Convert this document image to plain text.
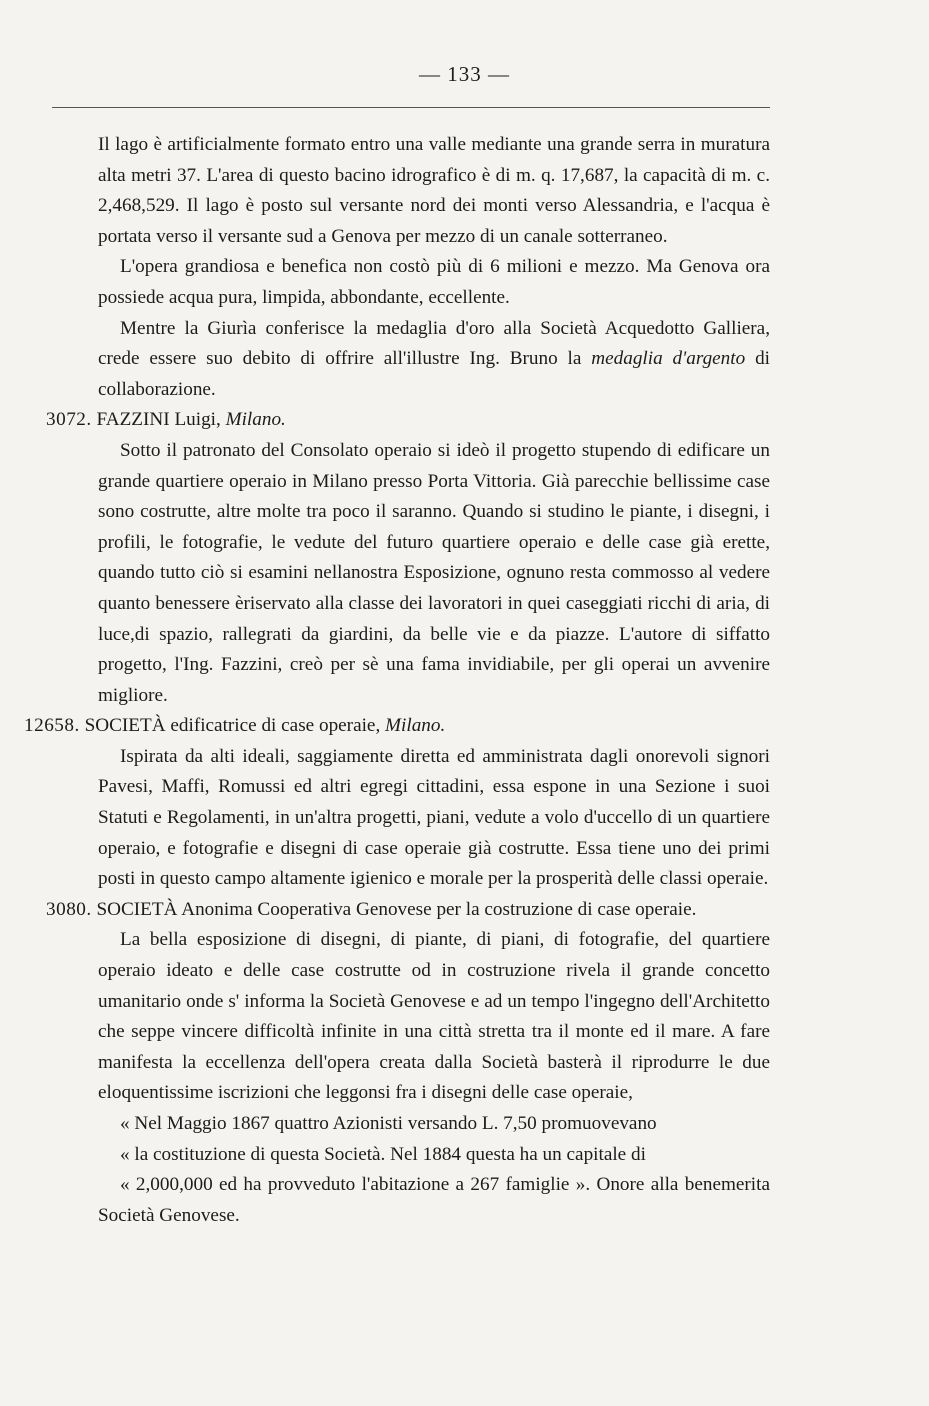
— 133 —

Il lago è artificialmente formato entro una valle mediante una grande serra in muratura alta metri 37. L'area di questo bacino idrografico è di m. q. 17,687, la capacità di m. c. 2,468,529. Il lago è posto sul versante nord dei monti verso Alessandria, e l'acqua è portata verso il versante sud a Genova per mezzo di un canale sotterraneo.

L'opera grandiosa e benefica non costò più di 6 milioni e mezzo. Ma Genova ora possiede acqua pura, limpida, abbondante, eccellente.

Mentre la Giurìa conferisce la medaglia d'oro alla Società Acquedotto Galliera, crede essere suo debito di offrire all'illustre Ing. Bruno la medaglia d'argento di collaborazione.

3072. FAZZINI Luigi, Milano.

Sotto il patronato del Consolato operaio si ideò il progetto stupendo di edificare un grande quartiere operaio in Milano presso Porta Vittoria. Già parecchie bellissime case sono costrutte, altre molte tra poco il saranno. Quando si studino le piante, i disegni, i profili, le fotografie, le vedute del futuro quartiere operaio e delle case già erette, quando tutto ciò si esamini nellanostra Esposizione, ognuno resta commosso al vedere quanto benessere èriservato alla classe dei lavoratori in quei caseggiati ricchi di aria, di luce,di spazio, rallegrati da giardini, da belle vie e da piazze. L'autore di siffatto progetto, l'Ing. Fazzini, creò per sè una fama invidiabile, per gli operai un avvenire migliore.

12658. SOCIETÀ edificatrice di case operaie, Milano.

Ispirata da alti ideali, saggiamente diretta ed amministrata dagli onorevoli signori Pavesi, Maffi, Romussi ed altri egregi cittadini, essa espone in una Sezione i suoi Statuti e Regolamenti, in un'altra progetti, piani, vedute a volo d'uccello di un quartiere operaio, e fotografie e disegni di case operaie già costrutte. Essa tiene uno dei primi posti in questo campo altamente igienico e morale per la prosperità delle classi operaie.

3080. SOCIETÀ Anonima Cooperativa Genovese per la costruzione di case operaie.

La bella esposizione di disegni, di piante, di piani, di fotografie, del quartiere operaio ideato e delle case costrutte od in costruzione rivela il grande concetto umanitario onde s' informa la Società Genovese e ad un tempo l'ingegno dell'Architetto che seppe vincere difficoltà infinite in una città stretta tra il monte ed il mare. A fare manifesta la eccellenza dell'opera creata dalla Società basterà il riprodurre le due eloquentissime iscrizioni che leggonsi fra i disegni delle case operaie,

« Nel Maggio 1867 quattro Azionisti versando L. 7,50 promuovevano

« la costituzione di questa Società. Nel 1884 questa ha un capitale di

« 2,000,000 ed ha provveduto l'abitazione a 267 famiglie ». Onore alla benemerita Società Genovese.
